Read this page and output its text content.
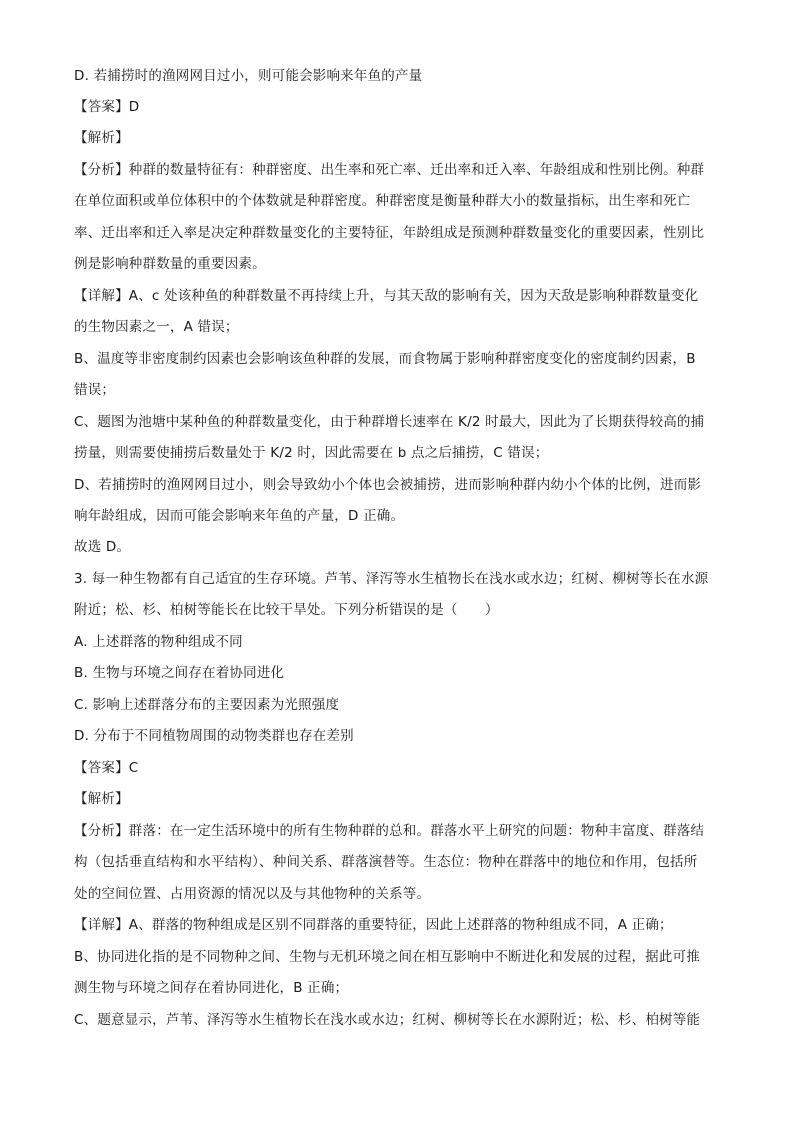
D. 若捕捞时的渔网网目过小，则可能会影响来年鱼的产量
【答案】D
【解析】
【分析】种群的数量特征有：种群密度、出生率和死亡率、迁出率和迁入率、年龄组成和性别比例。种群
在单位面积或单位体积中的个体数就是种群密度。种群密度是衡量种群大小的数量指标，出生率和死亡
率、迁出率和迁入率是决定种群数量变化的主要特征，年龄组成是预测种群数量变化的重要因素，性别比
例是影响种群数量的重要因素。
【详解】A、c 处该种鱼的种群数量不再持续上升，与其天敌的影响有关，因为天敌是影响种群数量变化
的生物因素之一，A 错误；
B、温度等非密度制约因素也会影响该鱼种群的发展，而食物属于影响种群密度变化的密度制约因素，B
错误；
C、题图为池塘中某种鱼的种群数量变化，由于种群增长速率在 K/2 时最大，因此为了长期获得较高的捕
捞量，则需要使捕捞后数量处于 K/2 时，因此需要在 b 点之后捕捞，C 错误；
D、若捕捞时的渔网网目过小，则会导致幼小个体也会被捕捞，进而影响种群内幼小个体的比例，进而影
响年龄组成，因而可能会影响来年鱼的产量，D 正确。
故选 D。
3. 每一种生物都有自己适宜的生存环境。芦苇、泽泻等水生植物长在浅水或水边；红树、柳树等长在水源
附近；松、杉、柏树等能长在比较干旱处。下列分析错误的是（　　）
A. 上述群落的物种组成不同
B. 生物与环境之间存在着协同进化
C. 影响上述群落分布的主要因素为光照强度
D. 分布于不同植物周围的动物类群也存在差别
【答案】C
【解析】
【分析】群落：在一定生活环境中的所有生物种群的总和。群落水平上研究的问题：物种丰富度、群落结
构（包括垂直结构和水平结构）、种间关系、群落演替等。生态位：物种在群落中的地位和作用，包括所
处的空间位置、占用资源的情况以及与其他物种的关系等。
【详解】A、群落的物种组成是区别不同群落的重要特征，因此上述群落的物种组成不同，A 正确；
B、协同进化指的是不同物种之间、生物与无机环境之间在相互影响中不断进化和发展的过程，据此可推
测生物与环境之间存在着协同进化，B 正确；
C、题意显示，芦苇、泽泻等水生植物长在浅水或水边；红树、柳树等长在水源附近；松、杉、柏树等能
